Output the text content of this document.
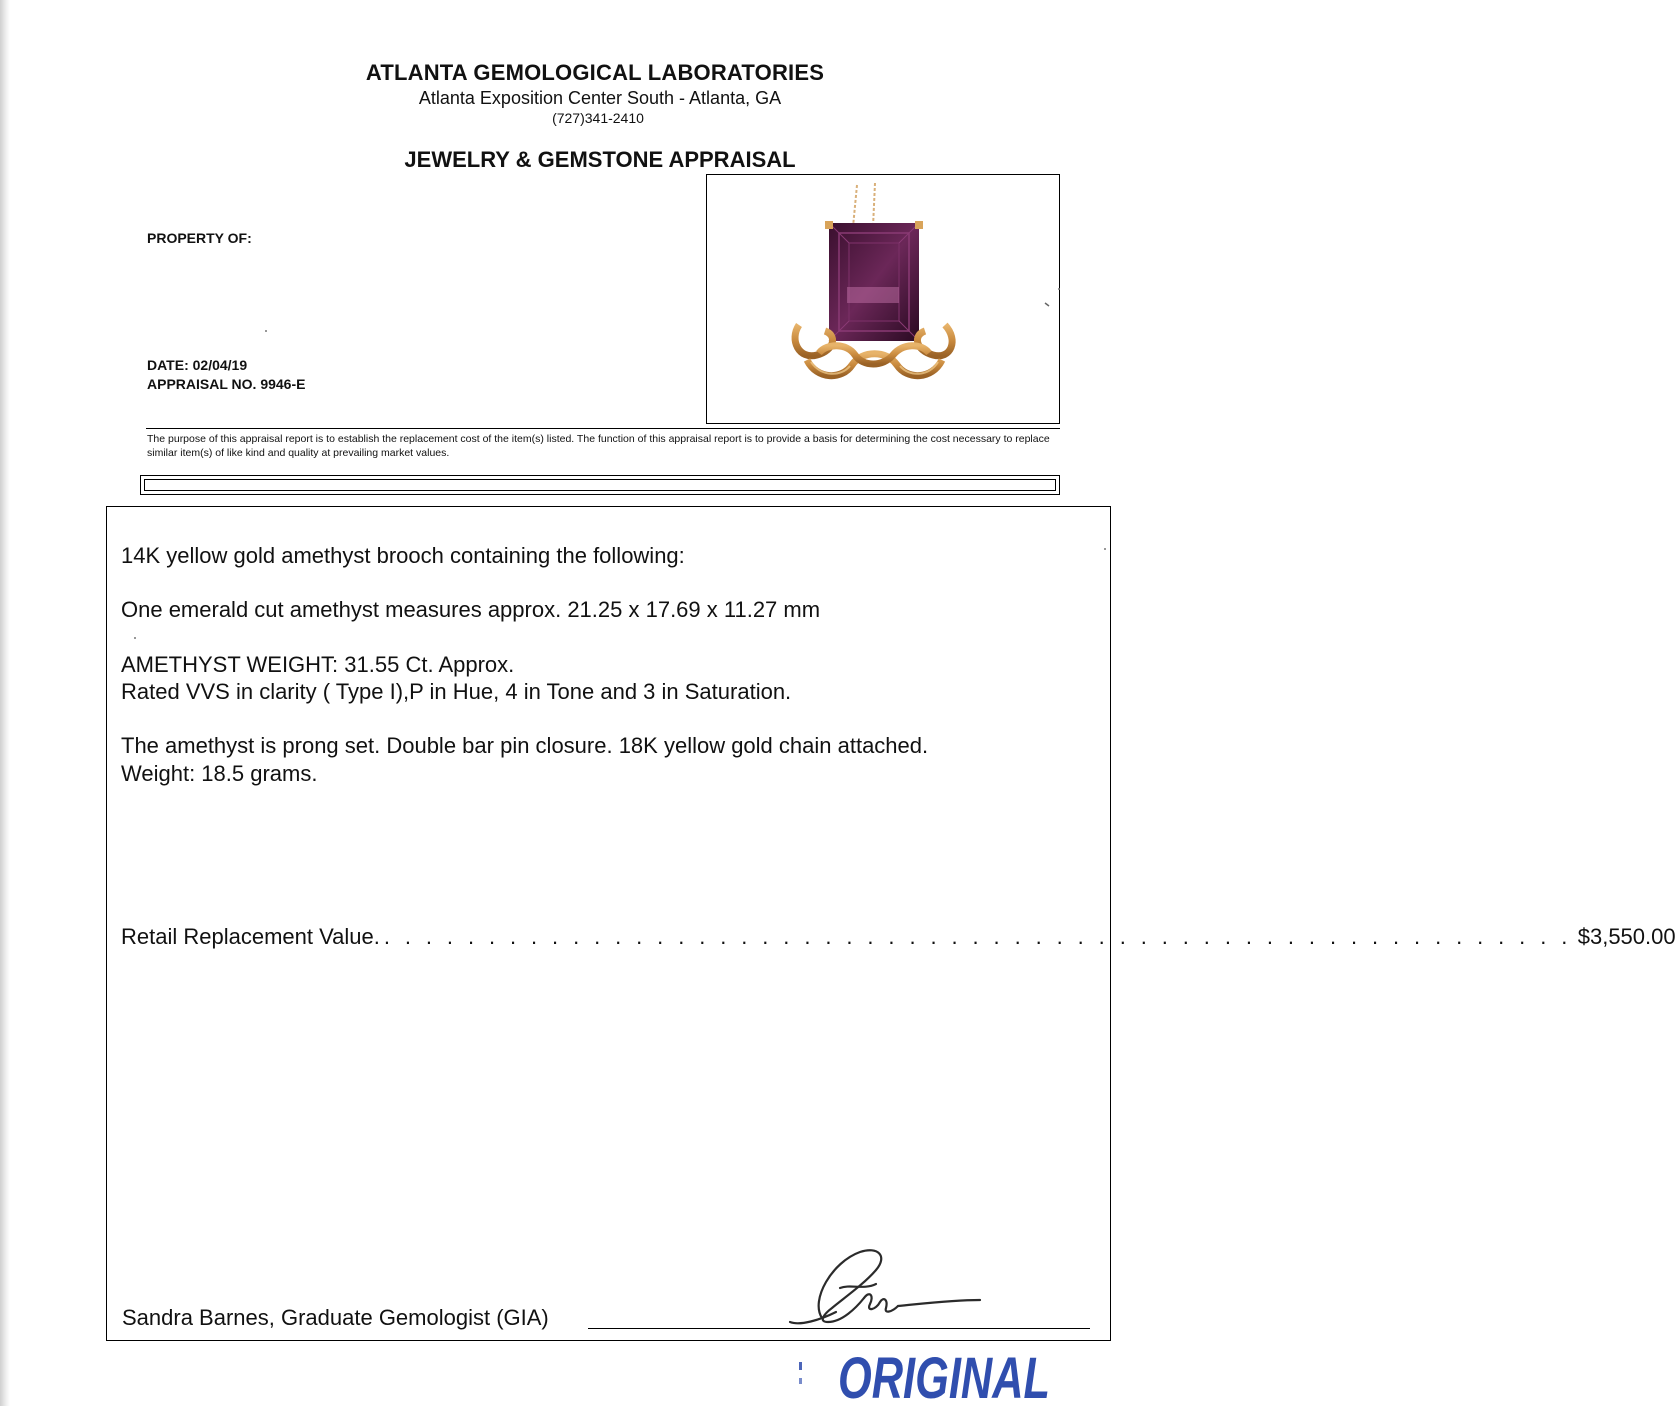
ATLANTA GEMOLOGICAL LABORATORIES
Atlanta Exposition Center South - Atlanta, GA
(727)341-2410
JEWELRY & GEMSTONE APPRAISAL
PROPERTY OF:
DATE: 02/04/19
APPRAISAL NO. 9946-E
The purpose of this appraisal report is to establish the replacement cost of the item(s) listed. The function of this appraisal report is to provide a basis for determining the cost necessary to replace similar item(s) of like kind and quality at prevailing market values.
14K yellow gold amethyst brooch containing the following:
One emerald cut amethyst measures approx. 21.25 x 17.69 x 11.27 mm
AMETHYST WEIGHT: 31.55 Ct. Approx.
Rated VVS in clarity ( Type I),P in Hue, 4 in Tone and 3 in Saturation.
The amethyst is prong set. Double bar pin closure. 18K yellow gold chain attached.
Weight: 18.5 grams.
Retail Replacement Value. . . . . . . . . . . . . . . . . . . . . . . . . . . . . . . . . . . . . . . . . . . . . . . . . . . . . . . . . . $3,550.00
Sandra Barnes, Graduate Gemologist (GIA)
ORIGINAL
